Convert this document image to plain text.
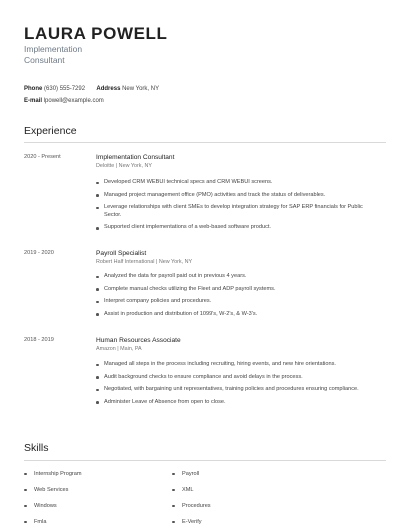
LAURA POWELL
Implementation
Consultant
Phone (630) 555-7292 Address New York, NY
E-mail lpowell@example.com
Experience
2020 - Present	Implementation Consultant
Deloitte | New York, NY
Developed CRM WEBUI technical specs and CRM WEBUI screens.
Managed project management office (PMO) activities and track the status of deliverables.
Leverage relationships with client SMEs to develop integration strategy for SAP ERP financials for Public Sector.
Supported client implementations of a web-based software product.
2019 - 2020	Payroll Specialist
Robert Half International | New York, NY
Analyzed the data for payroll paid out in previous 4 years.
Complete manual checks utilizing the Fleet and ADP payroll systems.
Interpret company policies and procedures.
Assist in production and distribution of 1099's, W-2's, & W-3's.
2018 - 2019	Human Resources Associate
Amazon | Main, PA
Managed all steps in the process including recruiting, hiring events, and new hire orientations.
Audit background checks to ensure compliance and avoid delays in the process.
Negotiated, with bargaining unit representatives, training policies and procedures ensuring compliance.
Administer Leave of Absence from open to close.
Skills
Internship Program
Web Services
Windows
Fmla
Payroll
XML
Procedures
E-Verify
